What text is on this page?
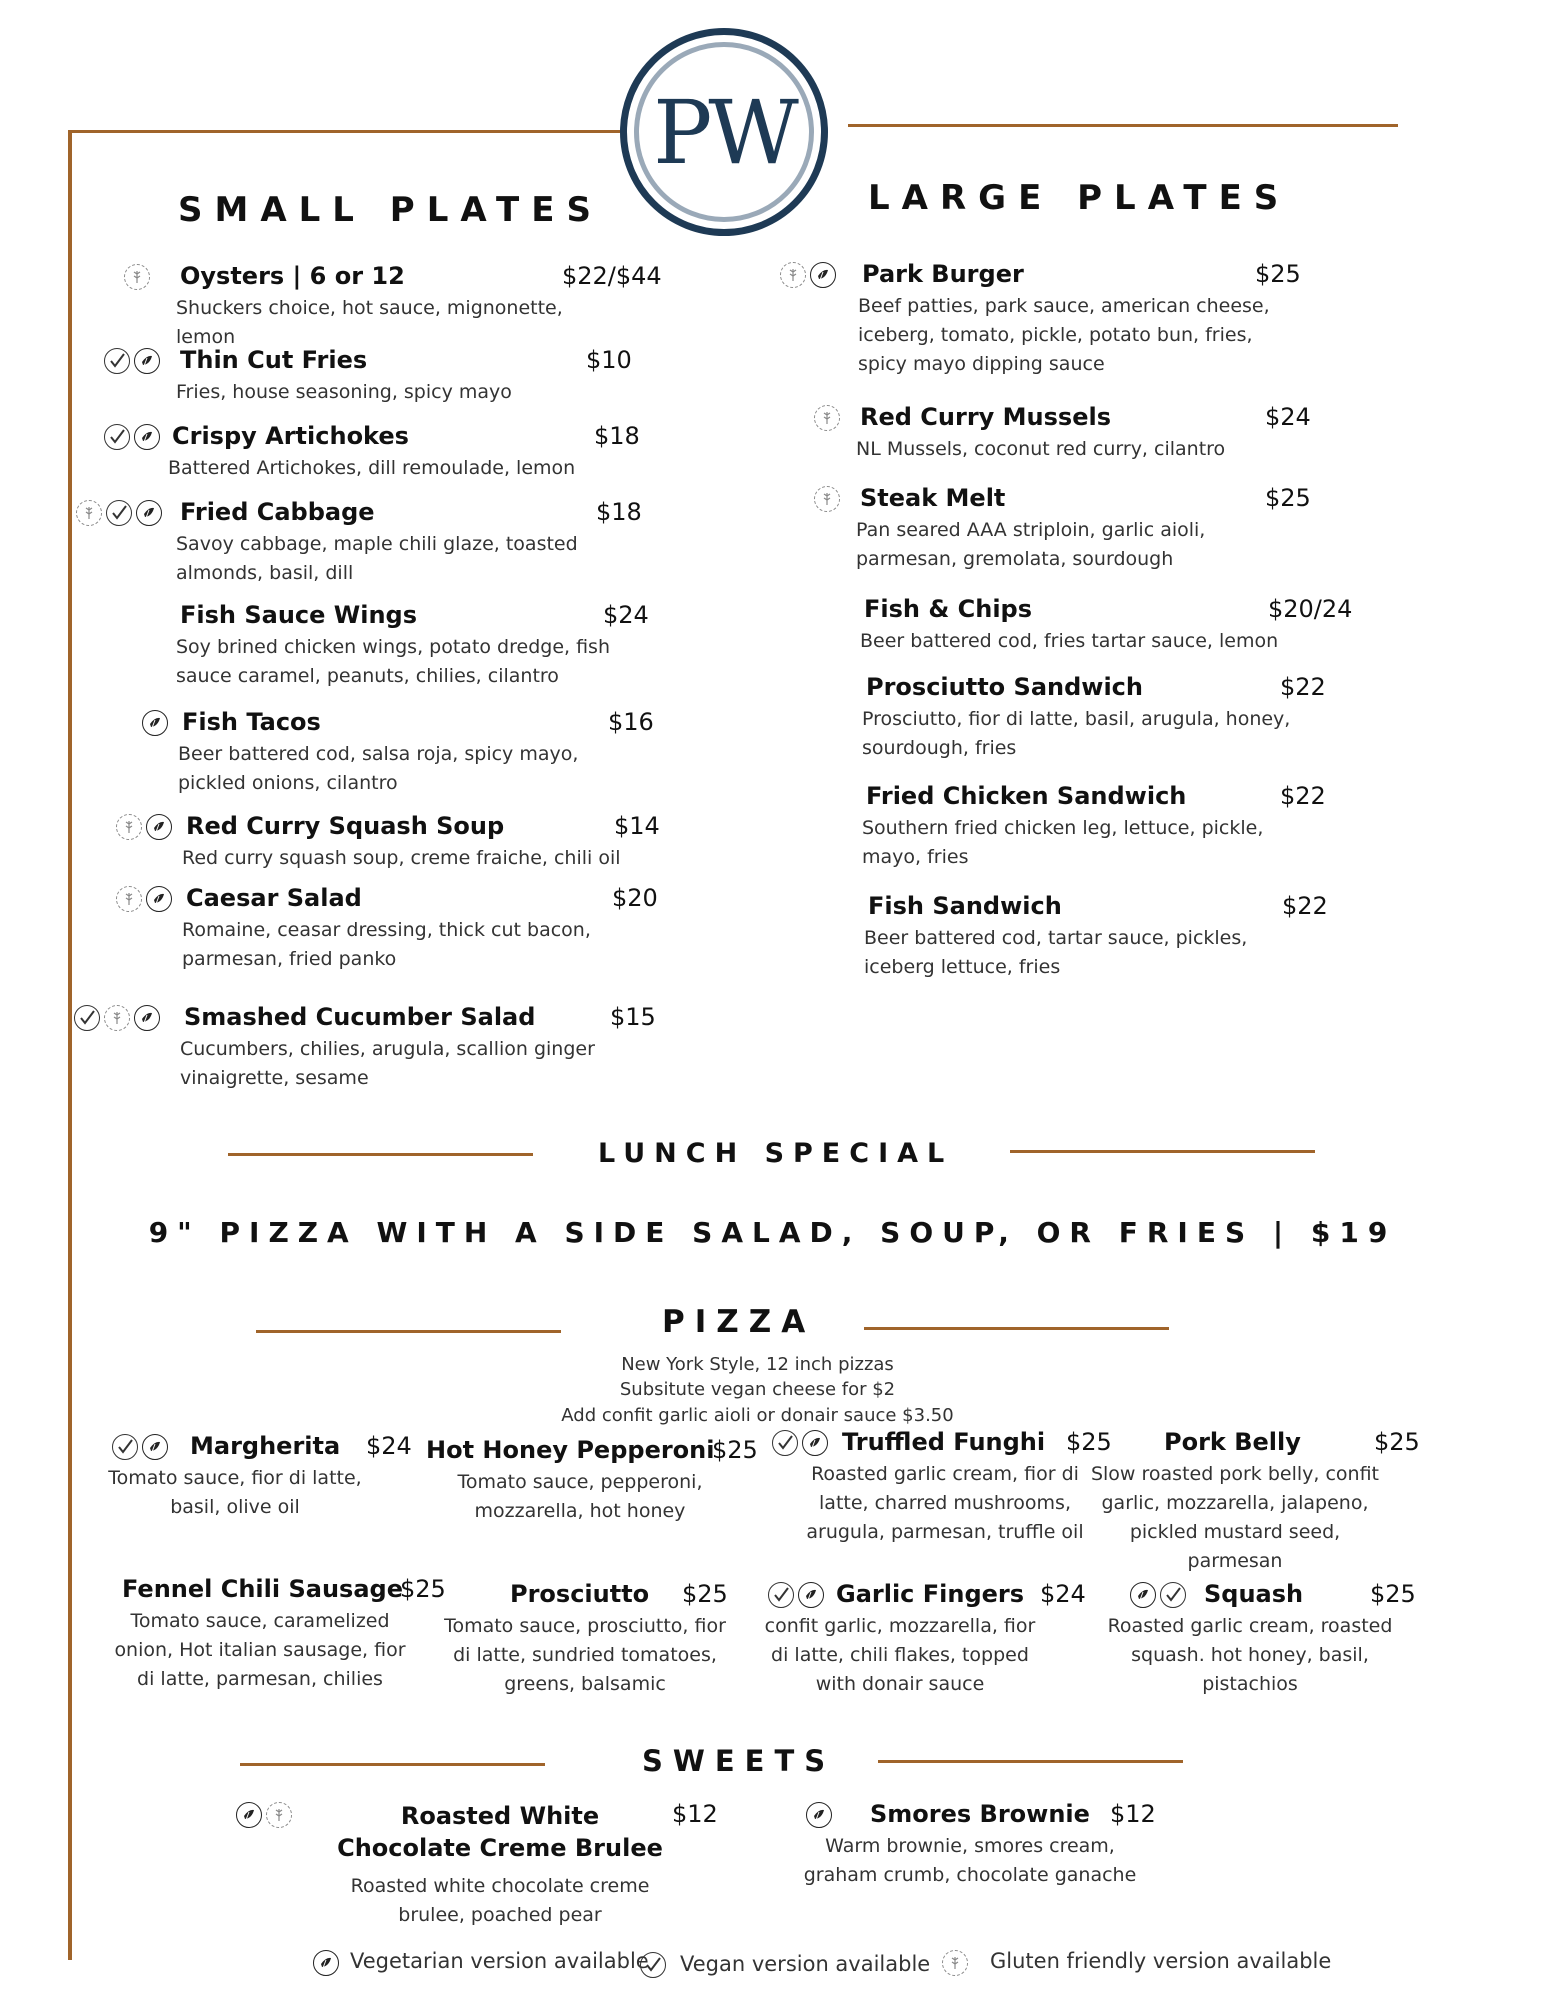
PW
SMALL PLATES	LARGE PLATES
Oysters | 6 or 12	$22/$44
Shuckers choice, hot sauce, mignonette, lemon
Thin Cut Fries	$10
Fries, house seasoning, spicy mayo
Crispy Artichokes	$18
Battered Artichokes, dill remoulade, lemon
Fried Cabbage	$18
Savoy cabbage, maple chili glaze, toasted almonds, basil, dill
Fish Sauce Wings	$24
Soy brined chicken wings, potato dredge, fish sauce caramel, peanuts, chilies, cilantro
Fish Tacos	$16
Beer battered cod, salsa roja, spicy mayo, pickled onions, cilantro
Red Curry Squash Soup	$14
Red curry squash soup, creme fraiche, chili oil
Caesar Salad	$20
Romaine, ceasar dressing, thick cut bacon, parmesan, fried panko
Smashed Cucumber Salad	$15
Cucumbers, chilies, arugula, scallion ginger vinaigrette, sesame
Park Burger	$25
Beef patties, park sauce, american cheese, iceberg, tomato, pickle, potato bun, fries, spicy mayo dipping sauce
Red Curry Mussels	$24
NL Mussels, coconut red curry, cilantro
Steak Melt	$25
Pan seared AAA striploin, garlic aioli, parmesan, gremolata, sourdough
Fish & Chips	$20/24
Beer battered cod, fries tartar sauce, lemon
Prosciutto Sandwich	$22
Prosciutto, fior di latte, basil, arugula, honey, sourdough, fries
Fried Chicken Sandwich	$22
Southern fried chicken leg, lettuce, pickle, mayo, fries
Fish Sandwich	$22
Beer battered cod, tartar sauce, pickles, iceberg lettuce, fries
LUNCH SPECIAL
9" PIZZA WITH A SIDE SALAD, SOUP, OR FRIES | $19
PIZZA
New York Style, 12 inch pizzas
Subsitute vegan cheese for $2
Add confit garlic aioli or donair sauce $3.50
Margherita $24
Tomato sauce, fior di latte, basil, olive oil
Hot Honey Pepperoni
$25
Tomato sauce, pepperoni, mozzarella, hot honey
Truffled Funghi $25
Roasted garlic cream, fior di latte, charred mushrooms, arugula, parmesan, truffle oil
Pork Belly	$25
Slow roasted pork belly, confit garlic, mozzarella, jalapeno, pickled mustard seed, parmesan
Fennel Chili Sausage
$25
Tomato sauce, caramelized onion, Hot italian sausage, fior di latte, parmesan, chilies
Prosciutto $25
Tomato sauce, prosciutto, fior di latte, sundried tomatoes, greens, balsamic
Garlic Fingers $24
confit garlic, mozzarella, fior di latte, chili flakes, topped with donair sauce
Squash	$25
Roasted garlic cream, roasted squash. hot honey, basil, pistachios
SWEETS
Roasted White Chocolate Creme Brulee
$12
Roasted white chocolate creme brulee, poached pear
Smores Brownie $12
Warm brownie, smores cream, graham crumb, chocolate ganache
Vegetarian version available Vegan version available	Gluten friendly version available
